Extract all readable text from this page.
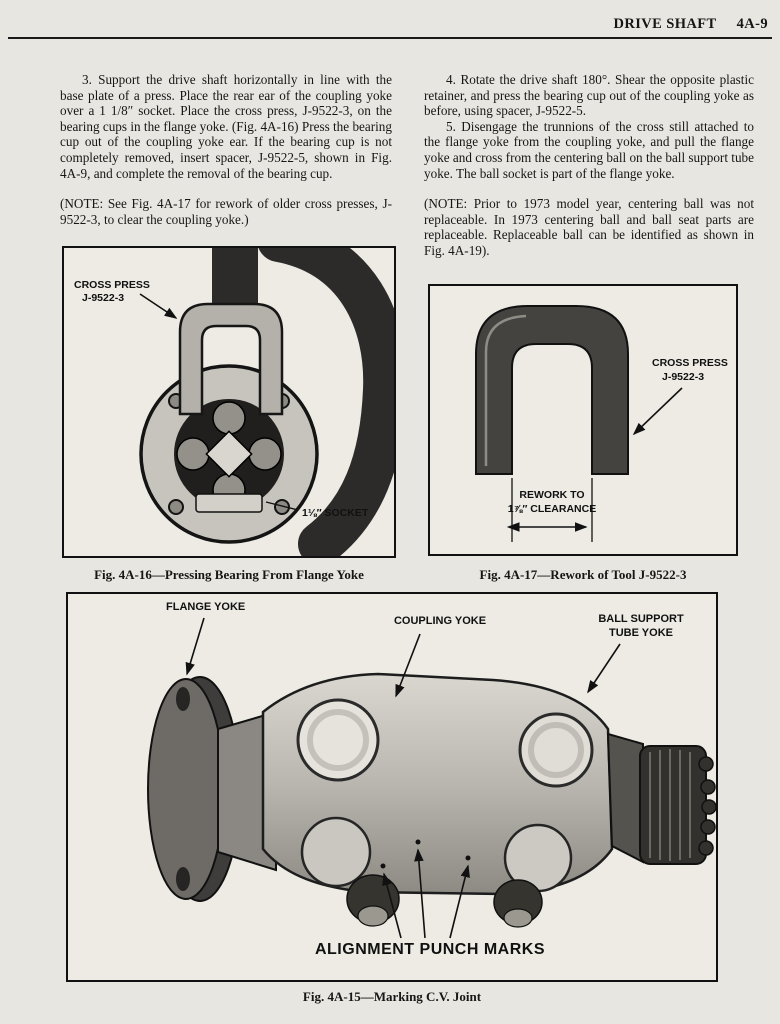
DRIVE SHAFT 4A-9

3. Support the drive shaft horizontally in line with the base plate of a press. Place the rear ear of the coupling yoke over a 1 1/8″ socket. Place the cross press, J-9522-3, on the bearing cups in the flange yoke. (Fig. 4A-16) Press the bearing cup out of the coupling yoke ear. If the bearing cup is not completely removed, insert spacer, J-9522-5, shown in Fig. 4A-9, and complete the removal of the bearing cup.

(NOTE: See Fig. 4A-17 for rework of older cross presses, J-9522-3, to clear the coupling yoke.)

4. Rotate the drive shaft 180°. Shear the opposite plastic retainer, and press the bearing cup out of the coupling yoke as before, using spacer, J-9522-5.

5. Disengage the trunnions of the cross still attached to the flange yoke from the coupling yoke, and pull the flange yoke and cross from the centering ball on the ball support tube yoke. The ball socket is part of the flange yoke.

(NOTE: Prior to 1973 model year, centering ball was not replaceable. In 1973 centering ball and ball seat parts are replaceable. Replaceable ball can be identified as shown in Fig. 4A-19).

CROSS PRESS
J-9522-3
1⅛″ SOCKET
Fig. 4A-16—Pressing Bearing From Flange Yoke
CROSS PRESS
J-9522-3
REWORK TO
1⅞″ CLEARANCE
Fig. 4A-17—Rework of Tool J-9522-3
FLANGE YOKE
COUPLING YOKE	BALL SUPPORT
TUBE YOKE
ALIGNMENT PUNCH MARKS
Fig. 4A-15—Marking C.V. Joint
